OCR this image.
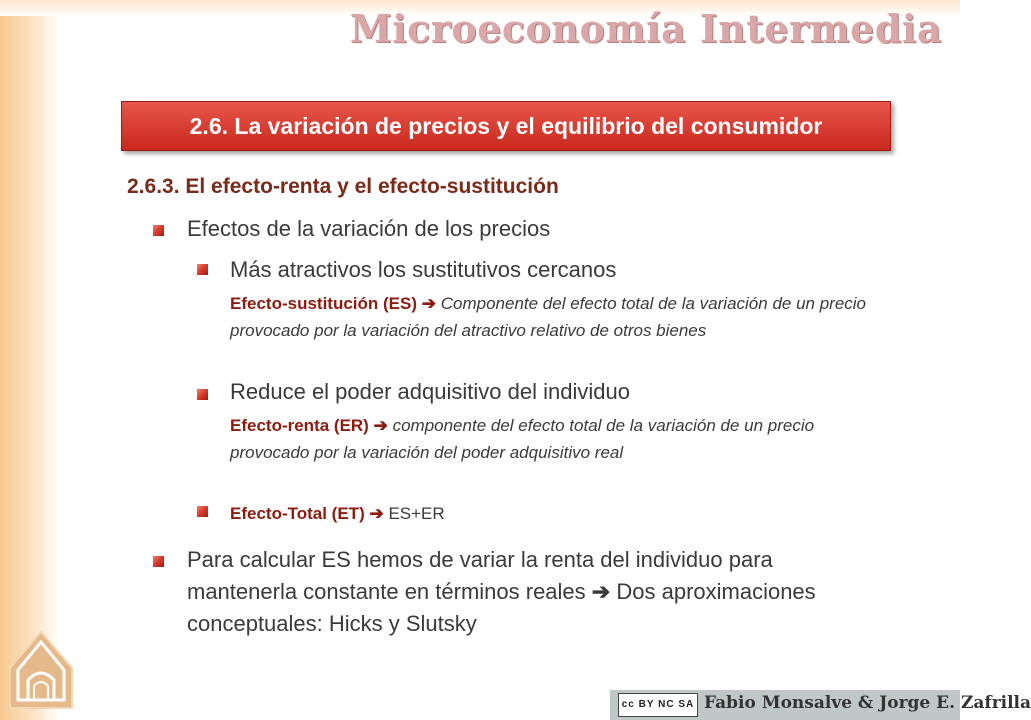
Microeconomía Intermedia
2.6. La variación de precios y el equilibrio del consumidor
2.6.3. El efecto-renta y el efecto-sustitución
Efectos de la variación de los precios
Más atractivos los sustitutivos cercanos
Efecto-sustitución (ES) ➔ Componente del efecto total de la variación de un precio provocado por la variación del atractivo relativo de otros bienes
Reduce el poder adquisitivo del individuo
Efecto-renta (ER) ➔ componente del efecto total de la variación de un precio provocado por la variación del poder adquisitivo real
Efecto-Total (ET) ➔ ES+ER
Para calcular ES hemos de variar la renta del individuo para mantenerla constante en términos reales ➔ Dos aproximaciones conceptuales: Hicks y Slutsky
cc BY NC SA Fabio Monsalve & Jorge E. Zafrilla
